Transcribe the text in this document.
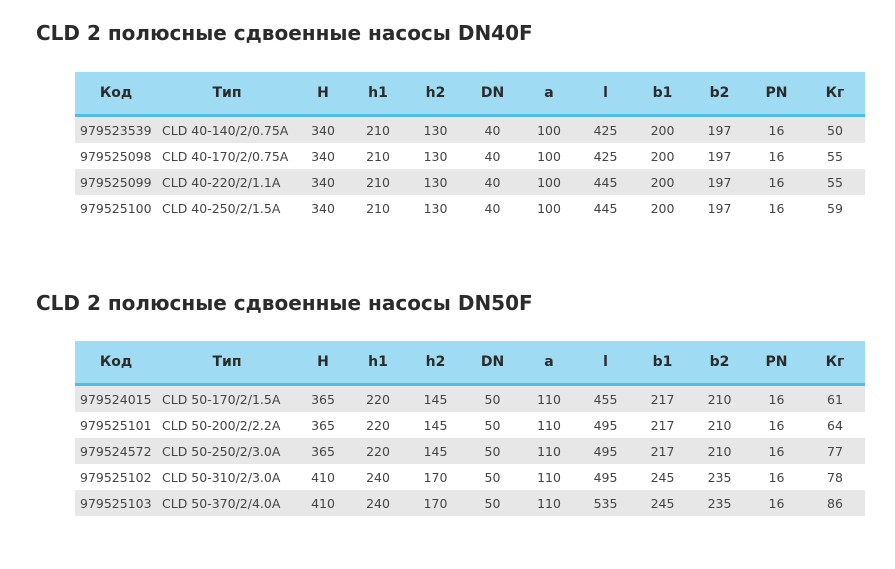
CLD 2 полюсные сдвоенные насосы DN40F
Код	Тип	H	h1	h2	DN	a	l	b1	b2	PN	Кг
979523539	CLD 40-140/2/0.75A	340	210	130	40	100	425	200	197	16	50
979525098	CLD 40-170/2/0.75A	340	210	130	40	100	425	200	197	16	55
979525099	CLD 40-220/2/1.1A	340	210	130	40	100	445	200	197	16	55
979525100	CLD 40-250/2/1.5A	340	210	130	40	100	445	200	197	16	59
CLD 2 полюсные сдвоенные насосы DN50F
Код	Тип	H	h1	h2	DN	a	l	b1	b2	PN	Кг
979524015	CLD 50-170/2/1.5A	365	220	145	50	110	455	217	210	16	61
979525101	CLD 50-200/2/2.2A	365	220	145	50	110	495	217	210	16	64
979524572	CLD 50-250/2/3.0A	365	220	145	50	110	495	217	210	16	77
979525102	CLD 50-310/2/3.0A	410	240	170	50	110	495	245	235	16	78
979525103	CLD 50-370/2/4.0A	410	240	170	50	110	535	245	235	16	86
